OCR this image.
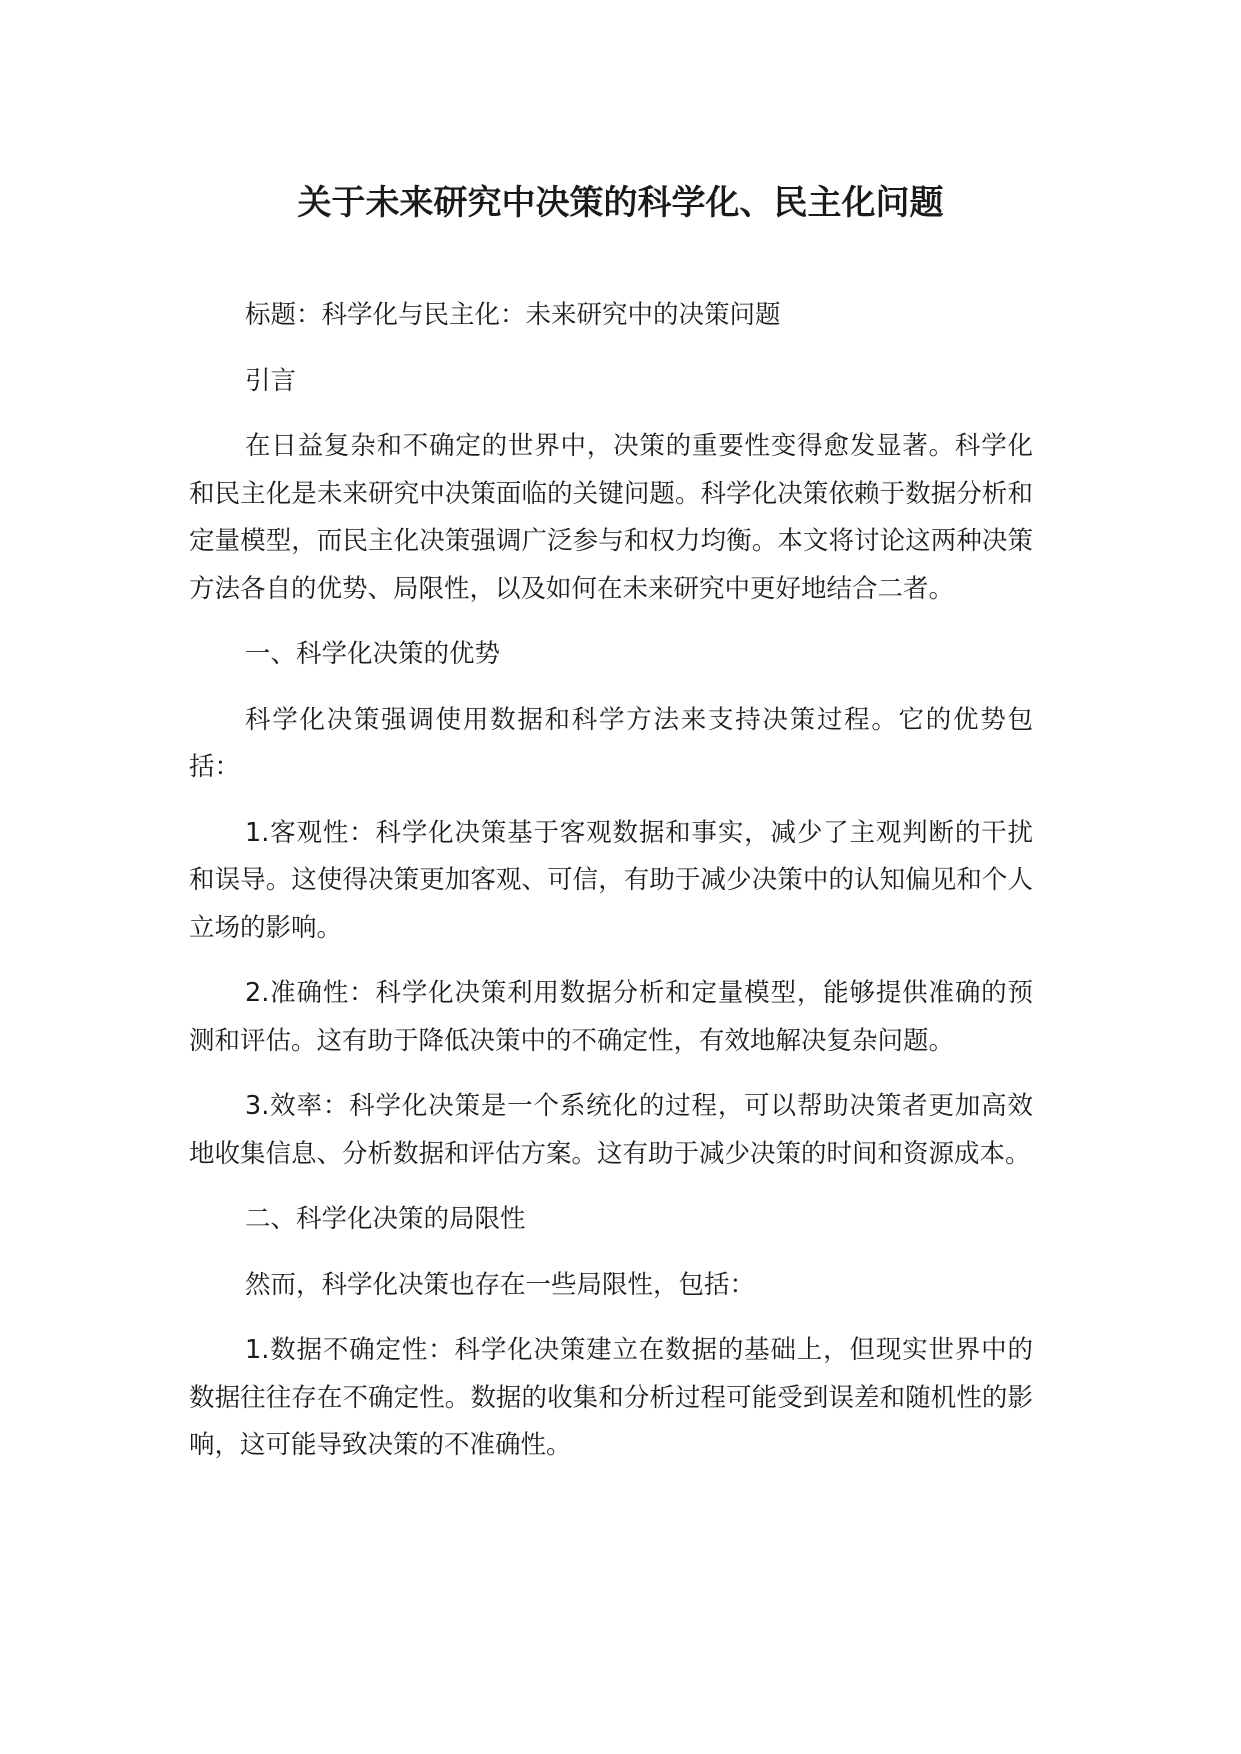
关于未来研究中决策的科学化、民主化问题

标题：科学化与民主化：未来研究中的决策问题

引言

在日益复杂和不确定的世界中，决策的重要性变得愈发显著。科学化和民主化是未来研究中决策面临的关键问题。科学化决策依赖于数据分析和定量模型，而民主化决策强调广泛参与和权力均衡。本文将讨论这两种决策方法各自的优势、局限性，以及如何在未来研究中更好地结合二者。

一、科学化决策的优势

科学化决策强调使用数据和科学方法来支持决策过程。它的优势包括：

1.客观性：科学化决策基于客观数据和事实，减少了主观判断的干扰和误导。这使得决策更加客观、可信，有助于减少决策中的认知偏见和个人立场的影响。

2.准确性：科学化决策利用数据分析和定量模型，能够提供准确的预测和评估。这有助于降低决策中的不确定性，有效地解决复杂问题。

3.效率：科学化决策是一个系统化的过程，可以帮助决策者更加高效地收集信息、分析数据和评估方案。这有助于减少决策的时间和资源成本。

二、科学化决策的局限性

然而，科学化决策也存在一些局限性，包括：

1.数据不确定性：科学化决策建立在数据的基础上，但现实世界中的数据往往存在不确定性。数据的收集和分析过程可能受到误差和随机性的影响，这可能导致决策的不准确性。
